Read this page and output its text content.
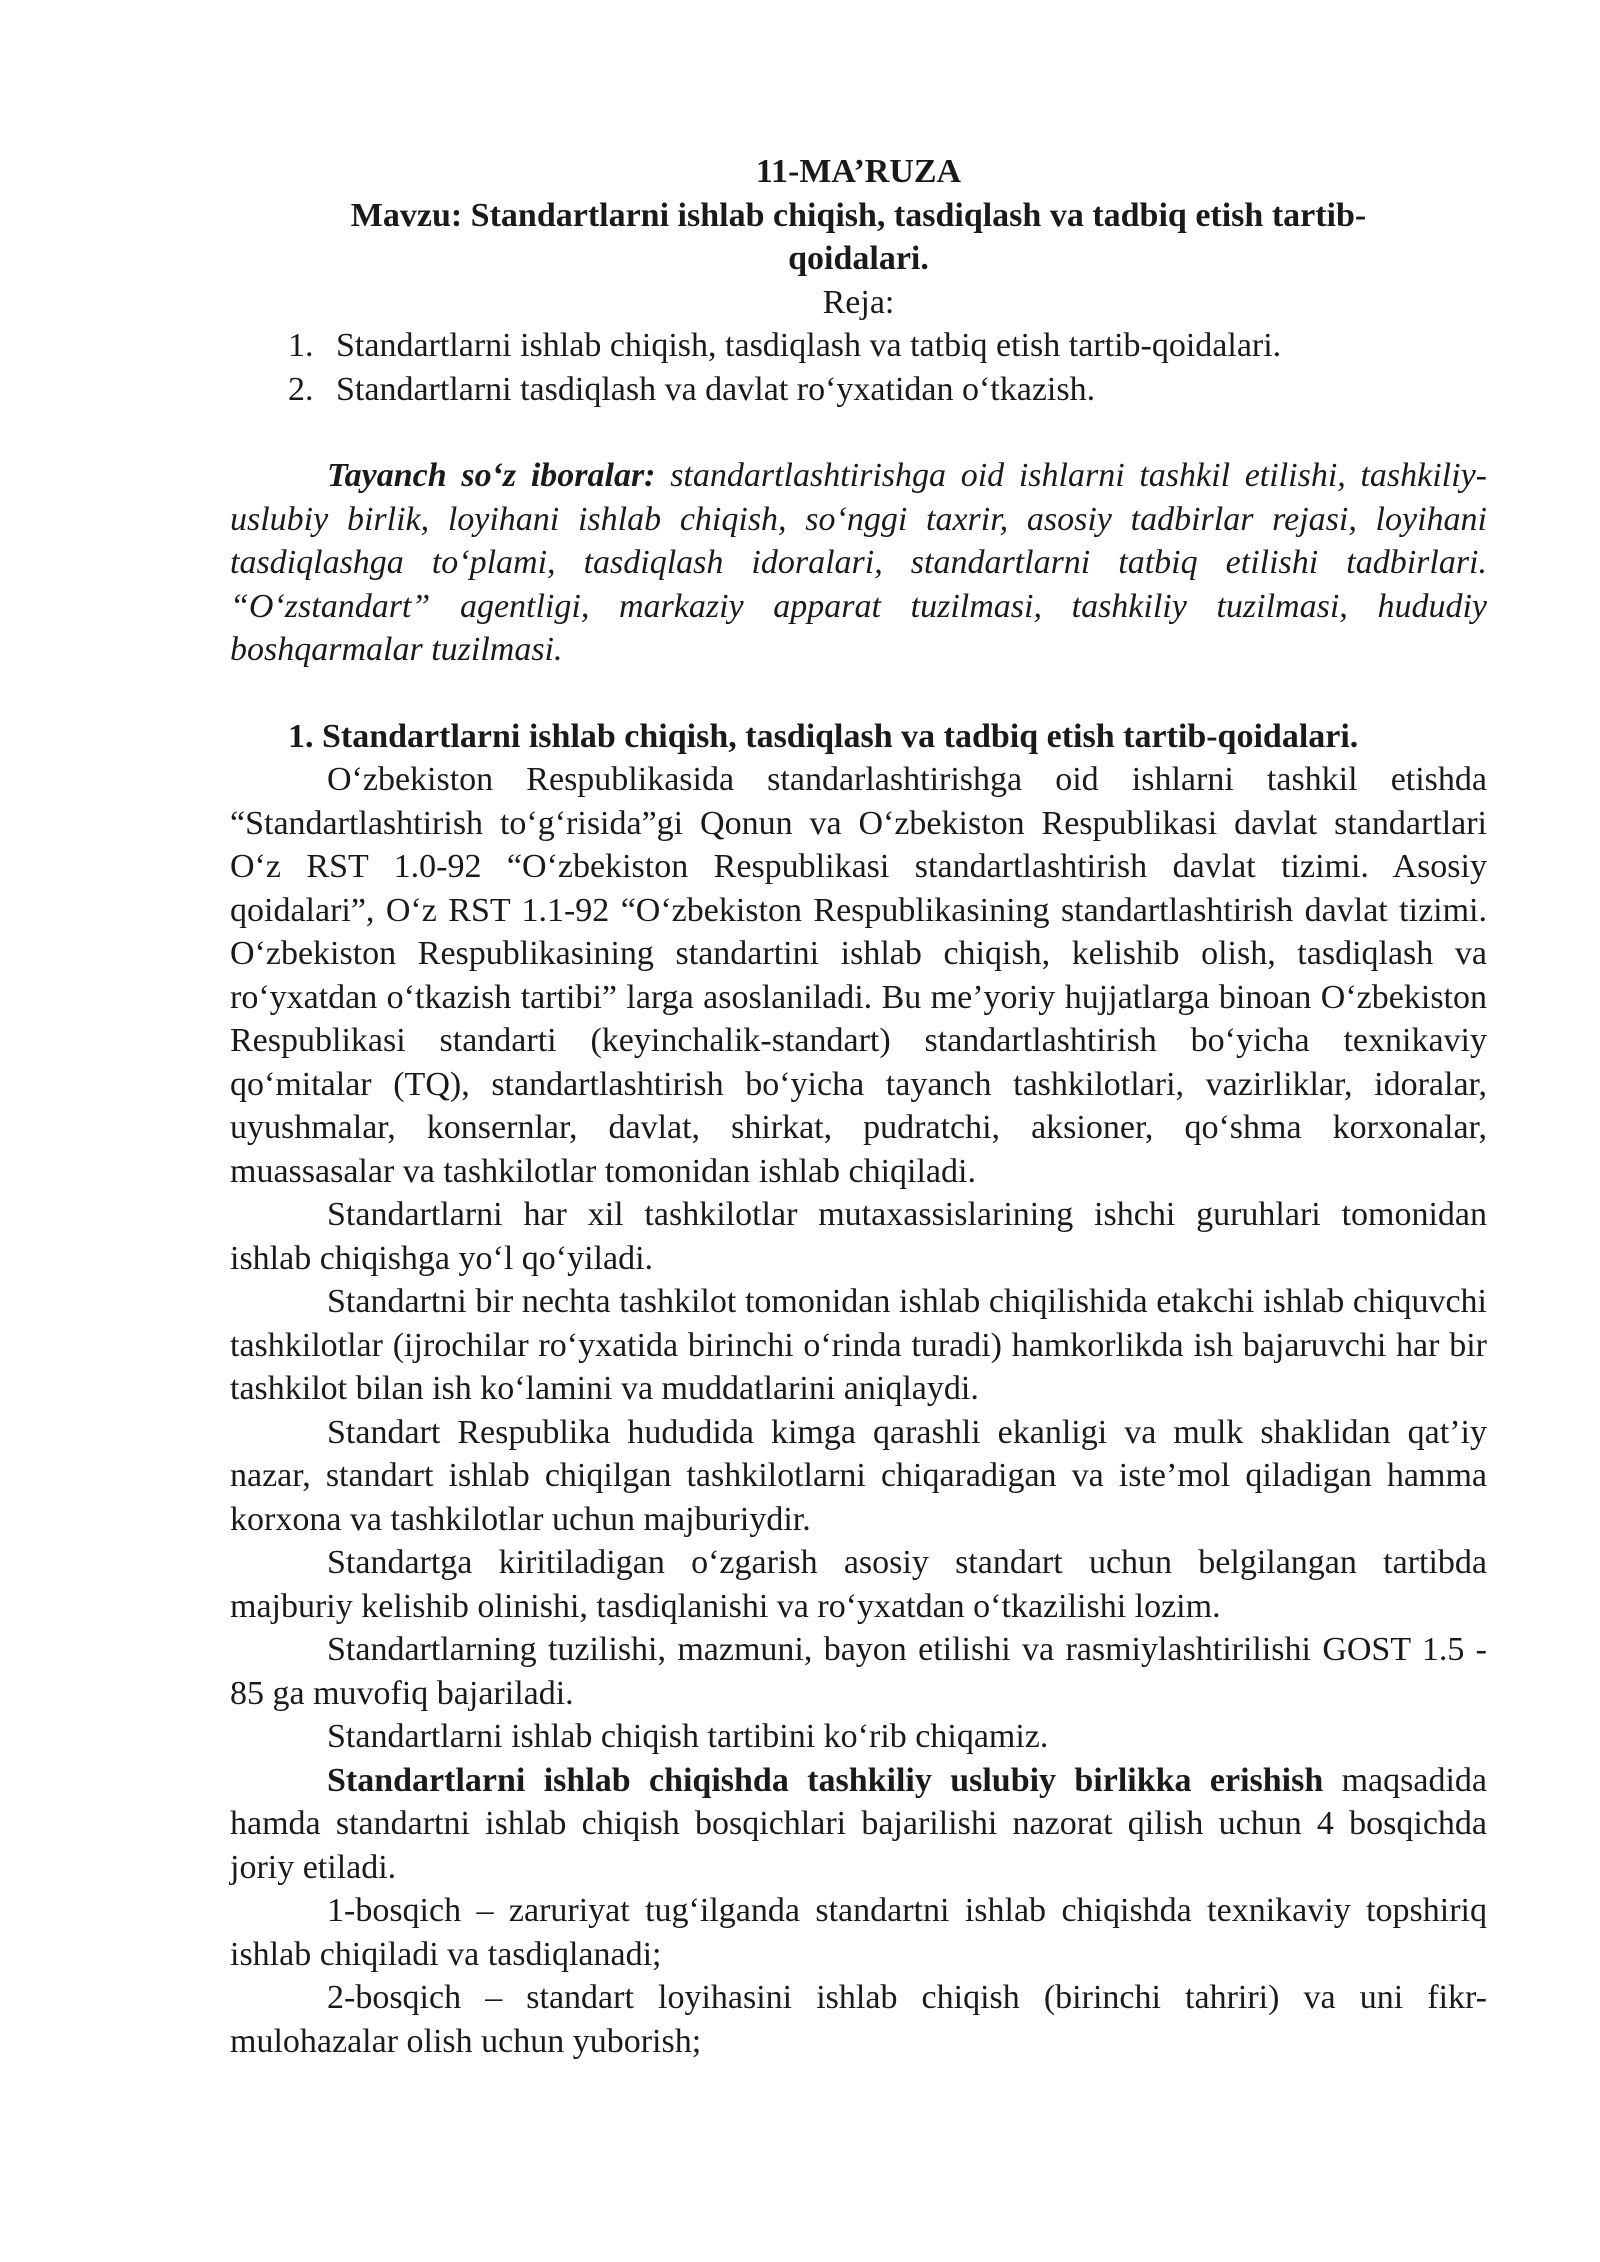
11-MA’RUZA
Mavzu: Standartlarni ishlab chiqish, tasdiqlash va tadbiq etish tartib-
qoidalari.
Reja:
1. Standartlarni ishlab chiqish, tasdiqlash va tatbiq etish tartib-qoidalari.
2. Standartlarni tasdiqlash va davlat ro‘yxatidan o‘tkazish.
Tayanch so‘z iboralar: standartlashtirishga oid ishlarni tashkil etilishi, tashkiliy-uslubiy birlik, loyihani ishlab chiqish, so‘nggi taxrir, asosiy tadbirlar rejasi, loyihani tasdiqlashga to‘plami, tasdiqlash idoralari, standartlarni tatbiq etilishi tadbirlari. “O‘zstandart” agentligi, markaziy apparat tuzilmasi, tashkiliy tuzilmasi, hududiy boshqarmalar tuzilmasi.
1. Standartlarni ishlab chiqish, tasdiqlash va tadbiq etish tartib-qoidalari.

O‘zbekiston Respublikasida standarlashtirishga oid ishlarni tashkil etishda “Standartlashtirish to‘g‘risida”gi Qonun va O‘zbekiston Respublikasi davlat standartlari O‘z RST 1.0-92 “O‘zbekiston Respublikasi standartlashtirish davlat tizimi. Asosiy qoidalari”, O‘z RST 1.1-92 “O‘zbekiston Respublikasining standartlashtirish davlat tizimi. O‘zbekiston Respublikasining standartini ishlab chiqish, kelishib olish, tasdiqlash va ro‘yxatdan o‘tkazish tartibi” larga asoslaniladi. Bu me’yoriy hujjatlarga binoan O‘zbekiston Respublikasi standarti (keyinchalik-standart) standartlashtirish bo‘yicha texnikaviy qo‘mitalar (TQ), standartlashtirish bo‘yicha tayanch tashkilotlari, vazirliklar, idoralar, uyushmalar, konsernlar, davlat, shirkat, pudratchi, aksioner, qo‘shma korxonalar, muassasalar va tashkilotlar tomonidan ishlab chiqiladi.

Standartlarni har xil tashkilotlar mutaxassislarining ishchi guruhlari tomonidan ishlab chiqishga yo‘l qo‘yiladi.

Standartni bir nechta tashkilot tomonidan ishlab chiqilishida etakchi ishlab chiquvchi tashkilotlar (ijrochilar ro‘yxatida birinchi o‘rinda turadi) hamkorlikda ish bajaruvchi har bir tashkilot bilan ish ko‘lamini va muddatlarini aniqlaydi.

Standart Respublika hududida kimga qarashli ekanligi va mulk shaklidan qat’iy nazar, standart ishlab chiqilgan tashkilotlarni chiqaradigan va iste’mol qiladigan hamma korxona va tashkilotlar uchun majburiydir.

Standartga kiritiladigan o‘zgarish asosiy standart uchun belgilangan tartibda majburiy kelishib olinishi, tasdiqlanishi va ro‘yxatdan o‘tkazilishi lozim.

Standartlarning tuzilishi, mazmuni, bayon etilishi va rasmiylashtirilishi GOST 1.5 - 85 ga muvofiq bajariladi.

Standartlarni ishlab chiqish tartibini ko‘rib chiqamiz.

Standartlarni ishlab chiqishda tashkiliy uslubiy birlikka erishish maqsadida hamda standartni ishlab chiqish bosqichlari bajarilishi nazorat qilish uchun 4 bosqichda joriy etiladi.

1-bosqich – zaruriyat tug‘ilganda standartni ishlab chiqishda texnikaviy topshiriq ishlab chiqiladi va tasdiqlanadi;

2-bosqich – standart loyihasini ishlab chiqish (birinchi tahriri) va uni fikr-mulohazalar olish uchun yuborish;
